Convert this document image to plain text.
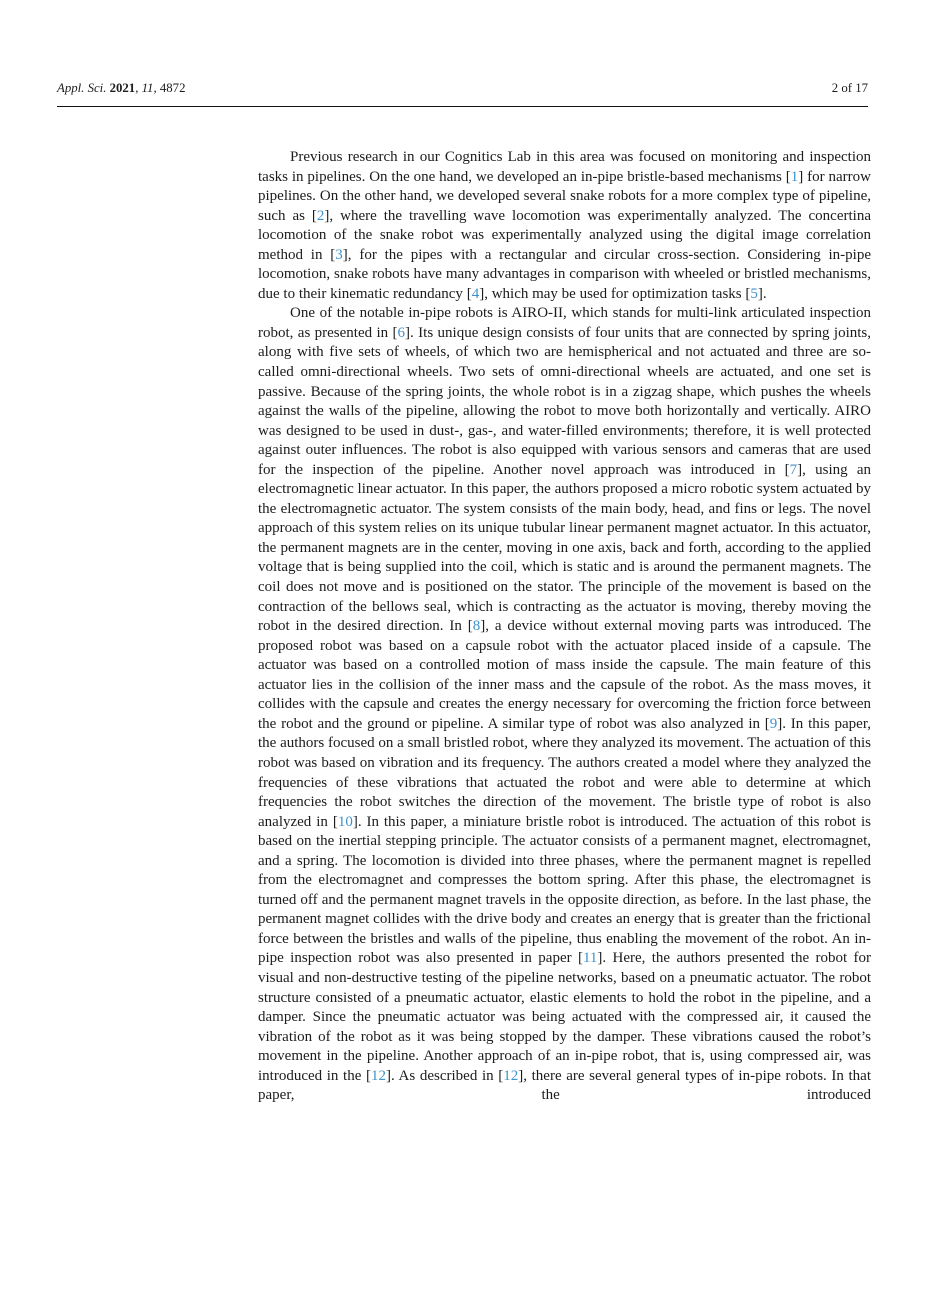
Appl. Sci. 2021, 11, 4872	2 of 17

Previous research in our Cognitics Lab in this area was focused on monitoring and inspection tasks in pipelines. On the one hand, we developed an in-pipe bristle-based mechanisms [1] for narrow pipelines. On the other hand, we developed several snake robots for a more complex type of pipeline, such as [2], where the travelling wave locomotion was experimentally analyzed. The concertina locomotion of the snake robot was experimentally analyzed using the digital image correlation method in [3], for the pipes with a rectangular and circular cross-section. Considering in-pipe locomotion, snake robots have many advantages in comparison with wheeled or bristled mechanisms, due to their kinematic redundancy [4], which may be used for optimization tasks [5].

One of the notable in-pipe robots is AIRO-II, which stands for multi-link articulated inspection robot, as presented in [6]. Its unique design consists of four units that are connected by spring joints, along with five sets of wheels, of which two are hemispherical and not actuated and three are so-called omni-directional wheels. Two sets of omni-directional wheels are actuated, and one set is passive. Because of the spring joints, the whole robot is in a zigzag shape, which pushes the wheels against the walls of the pipeline, allowing the robot to move both horizontally and vertically. AIRO was designed to be used in dust-, gas-, and water-filled environments; therefore, it is well protected against outer influences. The robot is also equipped with various sensors and cameras that are used for the inspection of the pipeline. Another novel approach was introduced in [7], using an electromagnetic linear actuator. In this paper, the authors proposed a micro robotic system actuated by the electromagnetic actuator. The system consists of the main body, head, and fins or legs. The novel approach of this system relies on its unique tubular linear permanent magnet actuator. In this actuator, the permanent magnets are in the center, moving in one axis, back and forth, according to the applied voltage that is being supplied into the coil, which is static and is around the permanent magnets. The coil does not move and is positioned on the stator. The principle of the movement is based on the contraction of the bellows seal, which is contracting as the actuator is moving, thereby moving the robot in the desired direction. In [8], a device without external moving parts was introduced. The proposed robot was based on a capsule robot with the actuator placed inside of a capsule. The actuator was based on a controlled motion of mass inside the capsule. The main feature of this actuator lies in the collision of the inner mass and the capsule of the robot. As the mass moves, it collides with the capsule and creates the energy necessary for overcoming the friction force between the robot and the ground or pipeline. A similar type of robot was also analyzed in [9]. In this paper, the authors focused on a small bristled robot, where they analyzed its movement. The actuation of this robot was based on vibration and its frequency. The authors created a model where they analyzed the frequencies of these vibrations that actuated the robot and were able to determine at which frequencies the robot switches the direction of the movement. The bristle type of robot is also analyzed in [10]. In this paper, a miniature bristle robot is introduced. The actuation of this robot is based on the inertial stepping principle. The actuator consists of a permanent magnet, electromagnet, and a spring. The locomotion is divided into three phases, where the permanent magnet is repelled from the electromagnet and compresses the bottom spring. After this phase, the electromagnet is turned off and the permanent magnet travels in the opposite direction, as before. In the last phase, the permanent magnet collides with the drive body and creates an energy that is greater than the frictional force between the bristles and walls of the pipeline, thus enabling the movement of the robot. An in-pipe inspection robot was also presented in paper [11]. Here, the authors presented the robot for visual and non-destructive testing of the pipeline networks, based on a pneumatic actuator. The robot structure consisted of a pneumatic actuator, elastic elements to hold the robot in the pipeline, and a damper. Since the pneumatic actuator was being actuated with the compressed air, it caused the vibration of the robot as it was being stopped by the damper. These vibrations caused the robot’s movement in the pipeline. Another approach of an in-pipe robot, that is, using compressed air, was introduced in the [12]. As described in [12], there are several general types of in-pipe robots. In that paper, the introduced
